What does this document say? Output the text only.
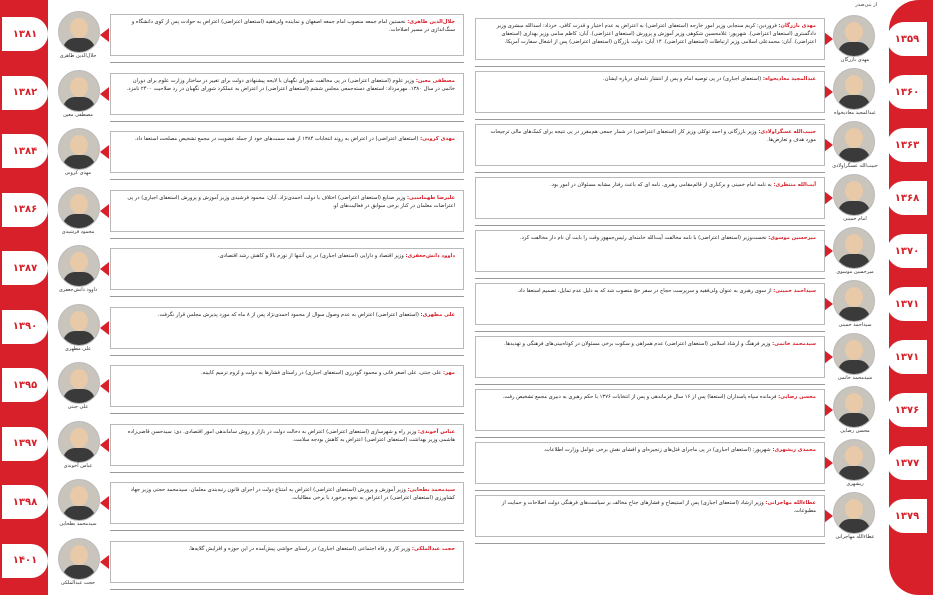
۱۳۸۱
جلال‌الدین طاهری
جلال‌الدین طاهری: نخستین امام جمعه منصوب امام جمعه اصفهان و نماینده ولی‌فقیه (استعفای اعتراضی) اعتراض به حوادث پس از کوی دانشگاه و سنگ‌اندازی در مسیر اصلاحات.
۱۳۸۲
مصطفی معین
مصطفی معین: وزیر علوم (استعفای اعتراضی) در پی مخالفت شورای نگهبان با لایحه پیشنهادی دولت برای تغییر در ساختار وزارت علوم برای دوران خاتمی در سال ۱۳۸۰. مهرمرداد: استعفای دسته‌جمعی مجلس ششم (استعفای اعتراضی) در اعتراض به عملکرد شورای نگهبان در رد صلاحیت ۲۴۰۰ نامزد.
۱۳۸۴
مهدی کروبی
مهدی کروبی: (استعفای اعتراضی) در اعتراض به روند انتخابات ۱۳۸۴ از همه سمت‌های خود از جمله عضویت در مجمع تشخیص مصلحت استعفا داد.
۱۳۸۶
محمود فرشیدی
علیرضا طهماسبی: وزیر صنایع (استعفای اعتراضی) اختلاف با دولت احمدی‌نژاد. آبان: محمود فرشیدی وزیر آموزش و پرورش (استعفای اجباری) در پی اعتراضات معلمان در کنار برخی سوابق در فعالیت‌های او.
۱۳۸۷
داوود دانش‌جعفری
داوود دانش‌جعفری: وزیر اقتصاد و دارایی (استعفای اجباری) در پی آنتنها از تورم بالا و کاهش رشد اقتصادی.
۱۳۹۰
علی مطهری
علی مطهری: (استعفای اعتراضی) اعتراض به عدم وصول سوال از محمود احمدی‌نژاد پس از ۸ ماه که مورد پذیرش مجلس قرار نگرفت.
۱۳۹۵
علی جنتی
مهر: علی جنتی، علی اصغر فانی و محمود گودرزی (استعفای اجباری) در راستای فشارها به دولت و لزوم ترمیم کابینه.
۱۳۹۷
عباس آخوندی
عباس آخوندی: وزیر راه و شهرسازی (استعفای اعتراضی) اعتراض به دخالت دولت در بازار و روش ساماندهی امور اقتصادی. دی: سیدحسن قاضی‌زاده هاشمی وزیر بهداشت (استعفای اعتراضی) اعتراض به کاهش بودجه سلامت.
۱۳۹۸
سیدمحمد بطحایی
سیدمحمد بطحایی: وزیر آموزش و پرورش (استعفای اعتراضی) اعتراض به امتناع دولت در اجرای قانون رتبه‌بندی معلمان. سیدمحمد حجتی وزیر جهاد کشاورزی (استعفای اعتراضی) در اعتراض به نحوه برخورد با برخی مطالبات.
۱۴۰۱
حجت عبدالملکی
حجت عبدالملکی: وزیر کار و رفاه اجتماعی (استعفای اجباری) در راستای حواشی پیش‌آمده در این حوزه و افزایش گلایه‌ها.
از بنی‌صدر
۱۳۵۹
مهدی بازرگان
مهدی بازرگان: فروردین: کریم سنجابی وزیر امور خارجه (استعفای اعتراضی) به اعتراض به عدم اختیار و قدرت کافی. خرداد: اسدالله مبشری وزیر دادگستری (استعفای اعتراضی). شهریور: غلامحسین شکوهی وزیر آموزش و پرورش (استعفای اعتراضی). آبان: کاظم سامی وزیر بهداری (استعفای اعتراضی). آبان: محمدعلی اسلامی وزیر ارتباطات (استعفای اعتراضی). ۱۴ آبان: دولت بازرگان (استعفای اعتراضی) پس از اشغال سفارت آمریکا.
۱۳۶۰
عبدالمجید معادیخواه
عبدالمجید معادیخواه: (استعفای اجباری) در پی توصیه امام و پس از انتشار نامه‌ای درباره ایشان.
۱۳۶۳
حبیب‌الله عسگراولادی
حبیب‌الله عسگراولادی: وزیر بازرگانی و احمد توکلی وزیر کار (استعفای اعتراضی) در شمار جمعی هم‌مقرر در پی نتیجه برای کمک‌های مالی ترجیحات مورد هدف و تعارض‌ها.
۱۳۶۸
امام خمینی
آیت‌الله منتظری: به نامه امام خمینی و برکناری از قائم‌مقامی رهبری. نامه ای که باعث رفتار مشابه مسئولان در امور بود.
۱۳۷۰
میرحسین موسوی
میرحسین موسوی: نخست‌وزیر (استعفای اعتراضی) با نامه مخالفت آیت‌الله خامنه‌ای رئیس‌جمهور وقت را بابت آن نام دار مخالفت کرد.
۱۳۷۱
سیداحمد خمینی
سیداحمد خمینی: از سوی رهبری به عنوان ولی‌فقیه و سرپرست حجاج در سفر حج منصوب شد که به دلیل عدم تمایل، تصمیم استعفا داد.
۱۳۷۱
سیدمحمد خاتمی
سیدمحمد خاتمی: وزیر فرهنگ و ارشاد اسلامی (استعفای اعتراضی) عدم همراهی و سکوت برخی مسئولان در کوتاه‌بینی‌های فرهنگی و تهدیدها.
۱۳۷۶
محسن رضایی
محسن رضایی: فرمانده سپاه پاسداران (استعفا) پس از ۱۶ سال فرماندهی و پس از انتخابات ۱۳۷۶ با حکم رهبری به دبیری مجمع تشخیص رفت.
۱۳۷۷
ریشهری
محمدی ریشهری: شهریور: (استعفای اجباری) در پی ماجرای قتل‌های زنجیره‌ای و افشای نقش برخی عوامل وزارت اطلاعات.
۱۳۷۹
عطاءالله مهاجرانی
عطاءالله مهاجرانی: وزیر ارشاد (استعفای اجباری) پس از استیضاح و فشارهای جناح مخالف بر سیاست‌های فرهنگی دولت اصلاحات و حمایت از مطبوعات.
